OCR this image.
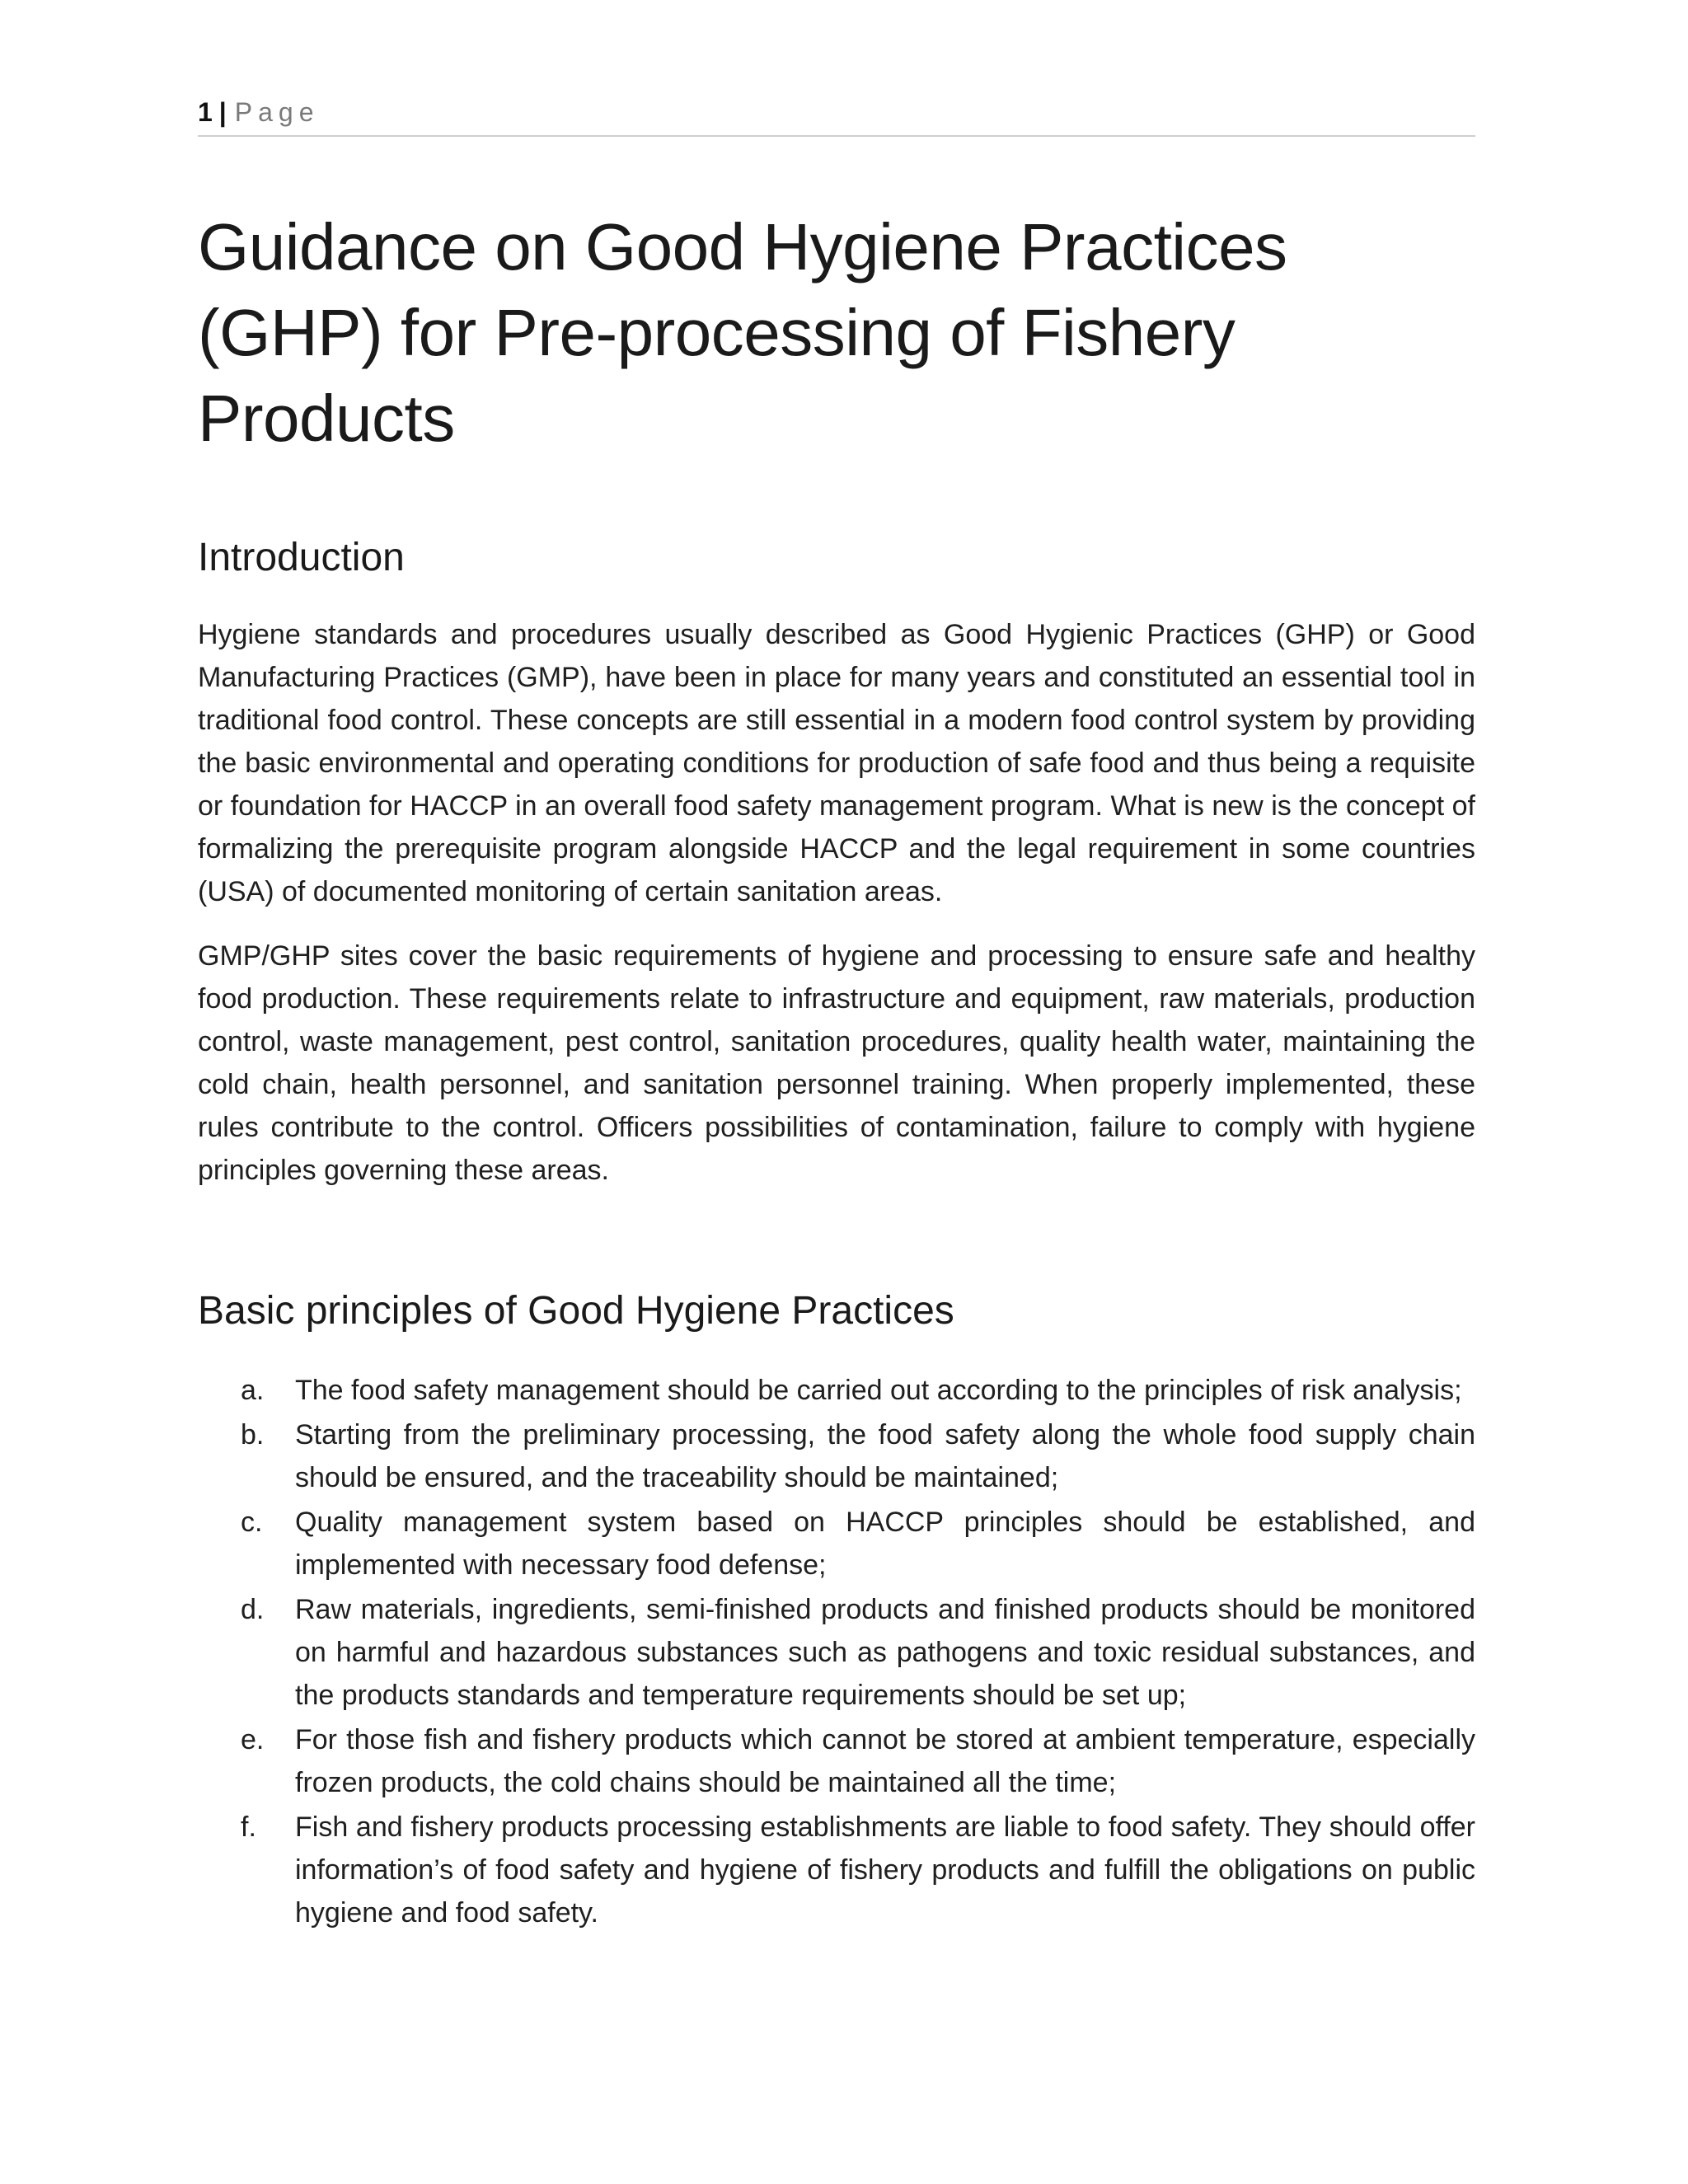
1 | Page
Guidance on Good Hygiene Practices (GHP) for Pre-processing of Fishery Products
Introduction

Hygiene standards and procedures usually described as Good Hygienic Practices (GHP) or Good Manufacturing Practices (GMP), have been in place for many years and constituted an essential tool in traditional food control. These concepts are still essential in a modern food control system by providing the basic environmental and operating conditions for production of safe food and thus being a requisite or foundation for HACCP in an overall food safety management program. What is new is the concept of formalizing the prerequisite program alongside HACCP and the legal requirement in some countries (USA) of documented monitoring of certain sanitation areas.

GMP/GHP sites cover the basic requirements of hygiene and processing to ensure safe and healthy food production. These requirements relate to infrastructure and equipment, raw materials, production control, waste management, pest control, sanitation procedures, quality health water, maintaining the cold chain, health personnel, and sanitation personnel training. When properly implemented, these rules contribute to the control. Officers possibilities of contamination, failure to comply with hygiene principles governing these areas.

Basic principles of Good Hygiene Practices
a.	The food safety management should be carried out according to the principles of risk analysis;
b.	Starting from the preliminary processing, the food safety along the whole food supply chain should be ensured, and the traceability should be maintained;
c.	Quality management system based on HACCP principles should be established, and implemented with necessary food defense;
d.	Raw materials, ingredients, semi-finished products and finished products should be monitored on harmful and hazardous substances such as pathogens and toxic residual substances, and the products standards and temperature requirements should be set up;
e.	For those fish and fishery products which cannot be stored at ambient temperature, especially frozen products, the cold chains should be maintained all the time;
f.	Fish and fishery products processing establishments are liable to food safety. They should offer information’s of food safety and hygiene of fishery products and fulfill the obligations on public hygiene and food safety.
